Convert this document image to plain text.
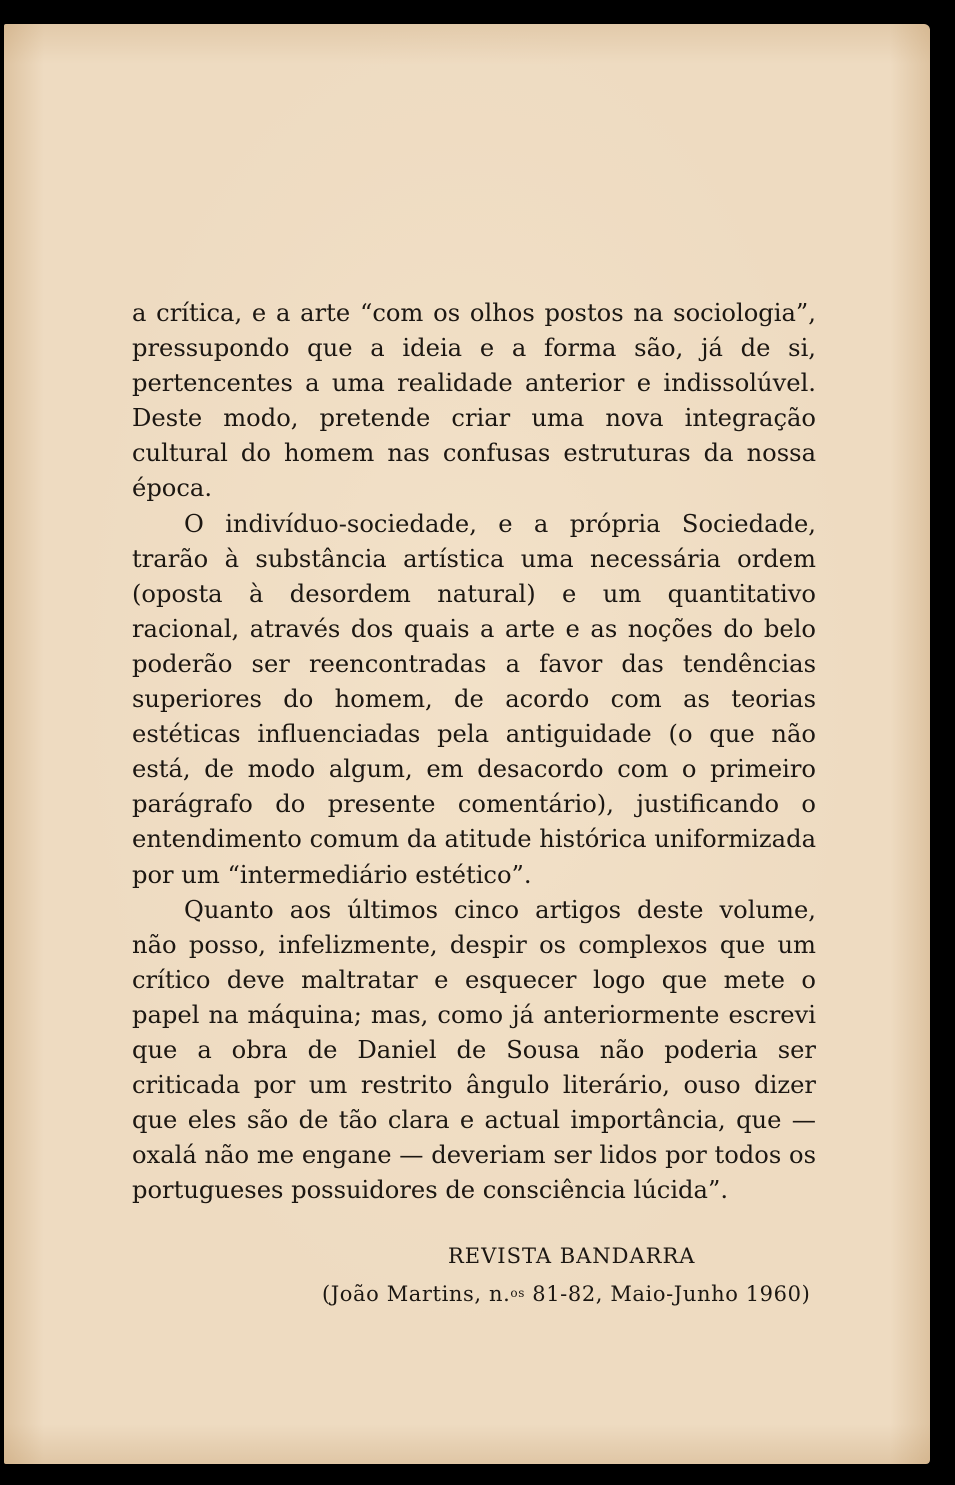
a crítica, e a arte “com os olhos postos na sociologia”, pressupondo que a ideia e a forma são, já de si, pertencentes a uma realidade anterior e indissolúvel. Deste modo, pretende criar uma nova integração cultural do homem nas confusas estruturas da nossa época.

O indivíduo-sociedade, e a própria Sociedade, trarão à substância artística uma necessária ordem (oposta à desordem natural) e um quantitativo racional, através dos quais a arte e as noções do belo poderão ser reencontradas a favor das tendências superiores do homem, de acordo com as teorias estéticas influenciadas pela antiguidade (o que não está, de modo algum, em desacordo com o primeiro parágrafo do presente comentário), justificando o entendimento comum da atitude histórica uniformizada por um “intermediário estético”.

Quanto aos últimos cinco artigos deste volume, não posso, infelizmente, despir os complexos que um crítico deve maltratar e esquecer logo que mete o papel na máquina; mas, como já anteriormente escrevi que a obra de Daniel de Sousa não poderia ser criticada por um restrito ângulo literário, ouso dizer que eles são de tão clara e actual importância, que — oxalá não me engane — deveriam ser lidos por todos os portugueses possuidores de consciência lúcida”.

REVISTA BANDARRA
(João Martins, n.$^{os}$ 81-82, Maio-Junho 1960)
